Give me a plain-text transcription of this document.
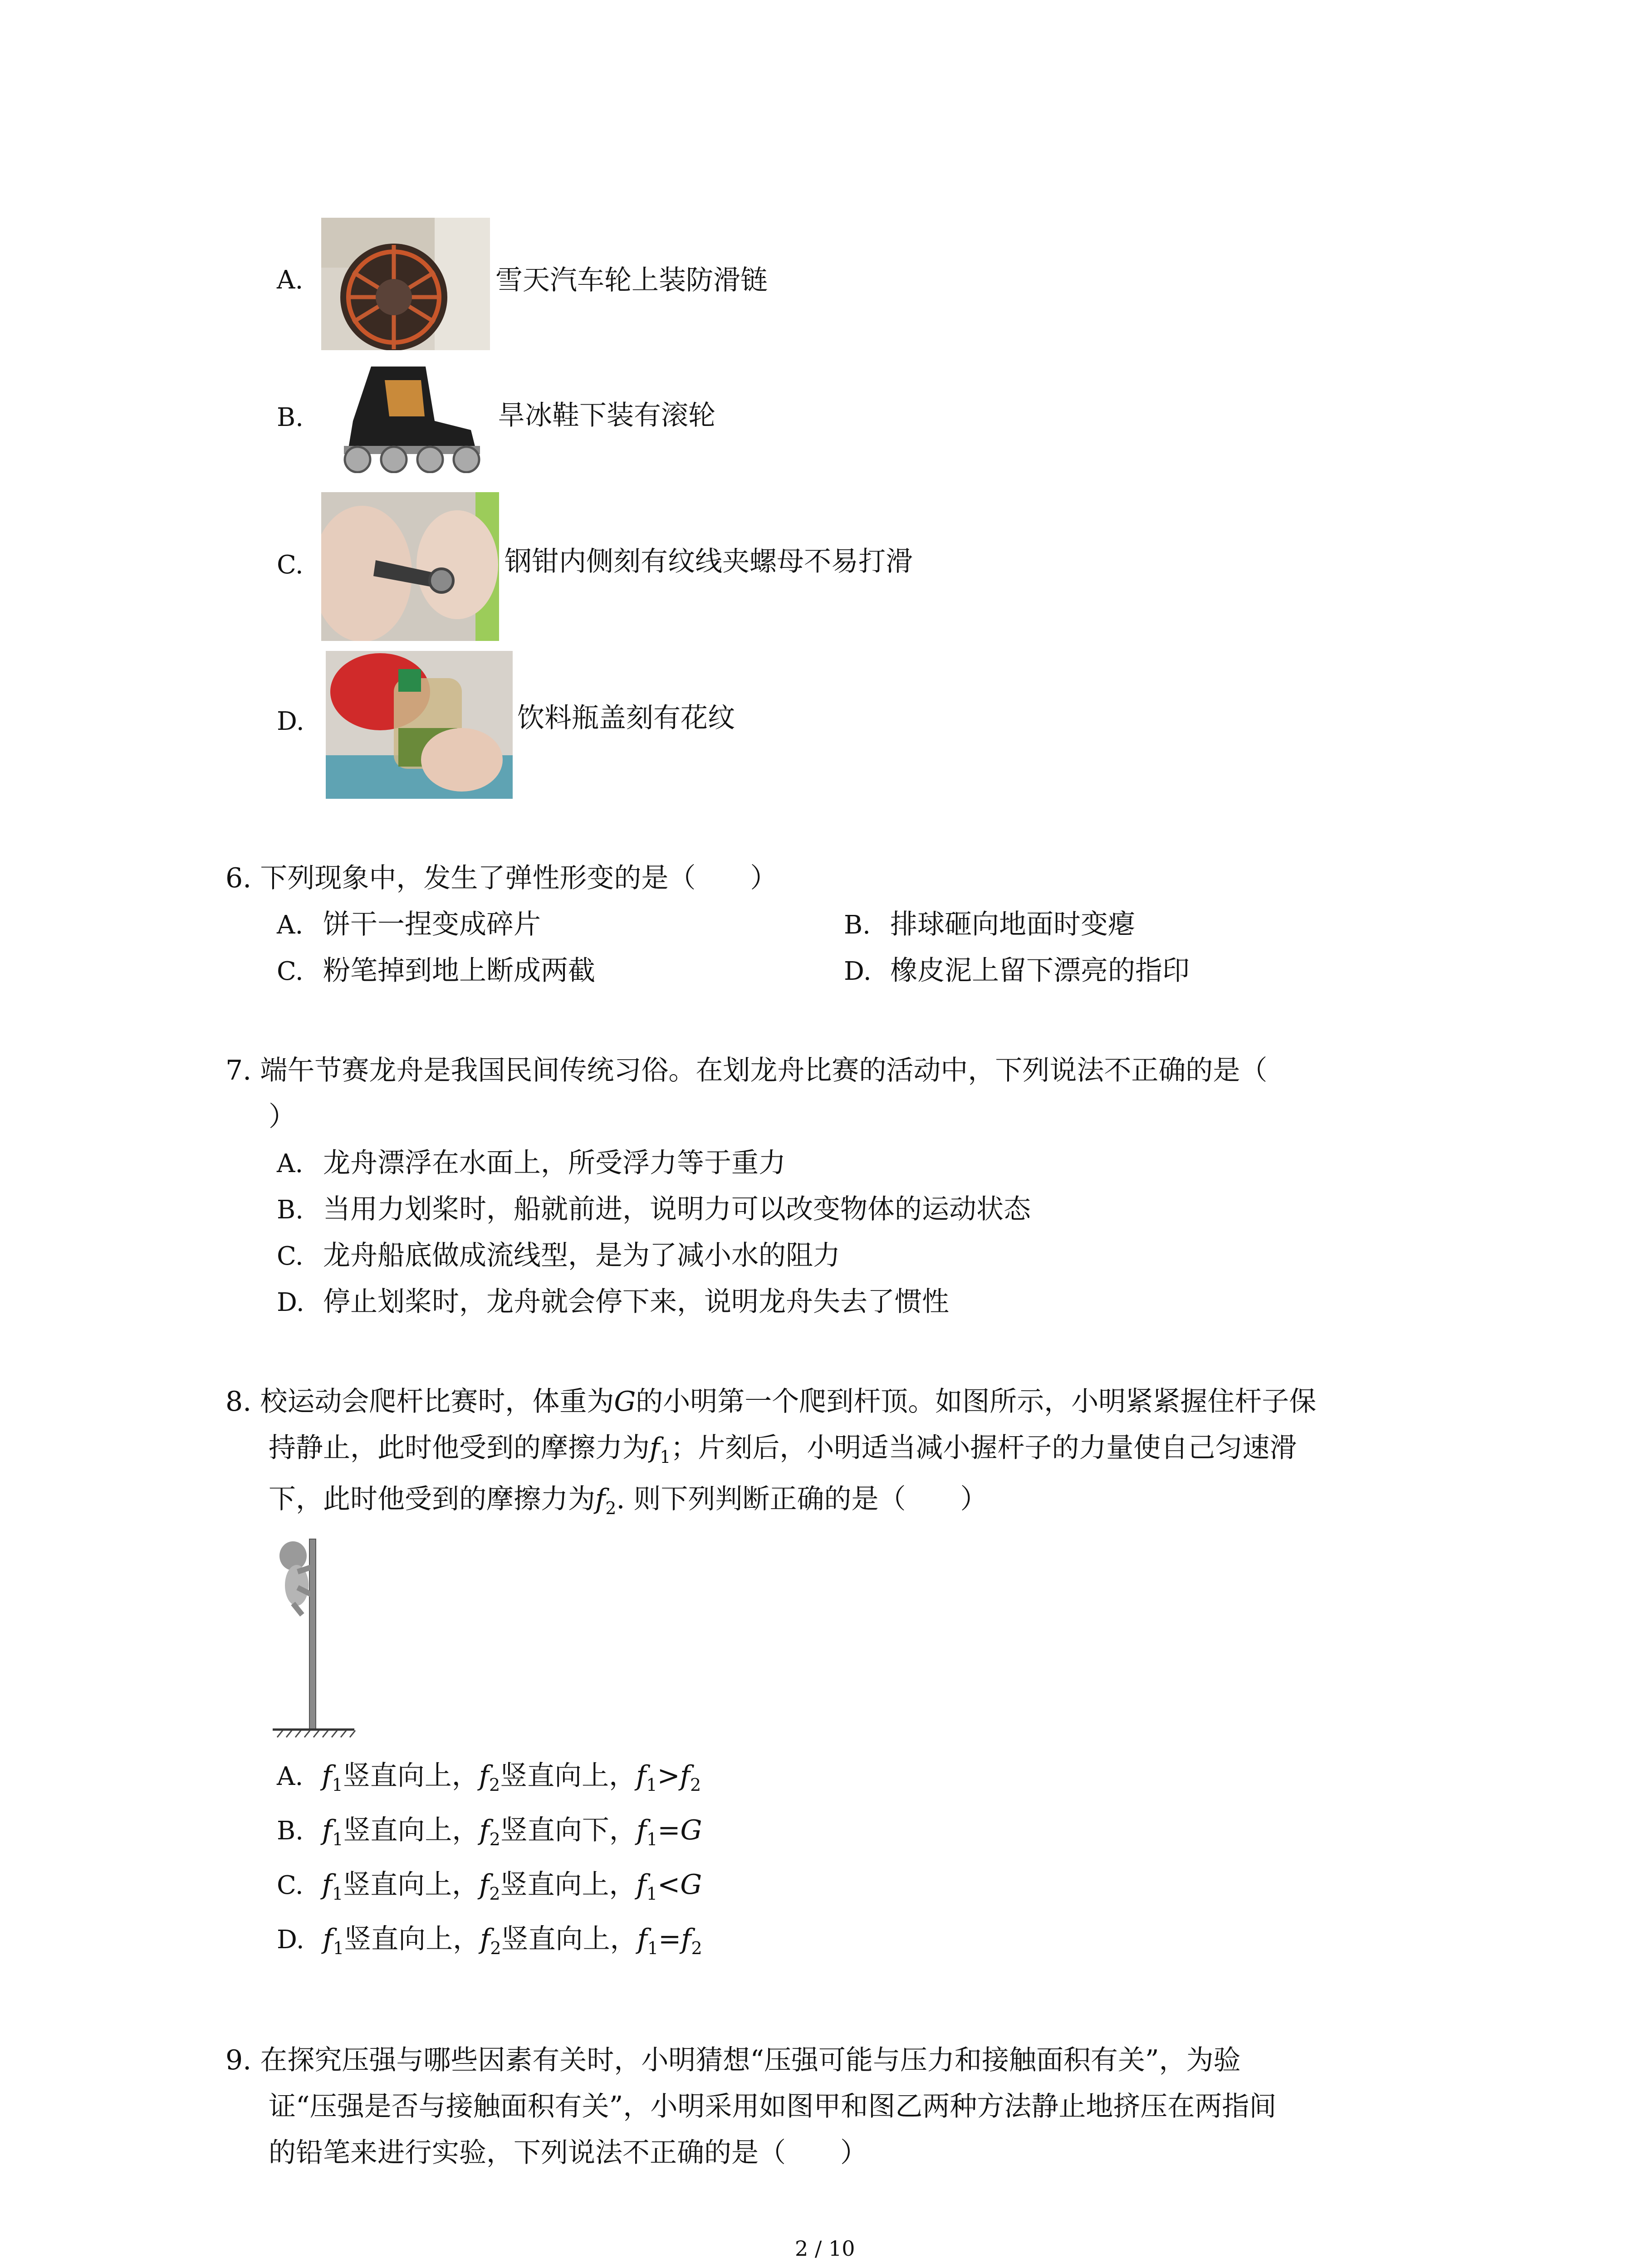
A.	雪天汽车轮上装防滑链
B.	旱冰鞋下装有滚轮
C.	钢钳内侧刻有纹线夹螺母不易打滑
D.	饮料瓶盖刻有花纹
6. 下列现象中，发生了弹性形变的是（　　）
A. 饼干一捏变成碎片	B. 排球砸向地面时变瘪
C. 粉笔掉到地上断成两截	D. 橡皮泥上留下漂亮的指印
7. 端午节赛龙舟是我国民间传统习俗。在划龙舟比赛的活动中，下列说法不正确的是（
）
A. 龙舟漂浮在水面上，所受浮力等于重力
B. 当用力划桨时，船就前进，说明力可以改变物体的运动状态
C. 龙舟船底做成流线型，是为了减小水的阻力
D. 停止划桨时，龙舟就会停下来，说明龙舟失去了惯性
8. 校运动会爬杆比赛时，体重为G的小明第一个爬到杆顶。如图所示，小明紧紧握住杆子保
持静止，此时他受到的摩擦力为$f_1$；片刻后，小明适当减小握杆子的力量使自己匀速滑
下，此时他受到的摩擦力为$f_2$. 则下列判断正确的是（　　）
A. $f_1$竖直向上，$f_2$竖直向上，$f_1>f_2$
B. $f_1$竖直向上，$f_2$竖直向下，$f_1=G$
C. $f_1$竖直向上，$f_2$竖直向上，$f_1<G$
D. $f_1$竖直向上，$f_2$竖直向上，$f_1=f_2$
9. 在探究压强与哪些因素有关时，小明猜想“压强可能与压力和接触面积有关”，为验
证“压强是否与接触面积有关”，小明采用如图甲和图乙两种方法静止地挤压在两指间
的铅笔来进行实验，下列说法不正确的是（　　）
2 / 10
